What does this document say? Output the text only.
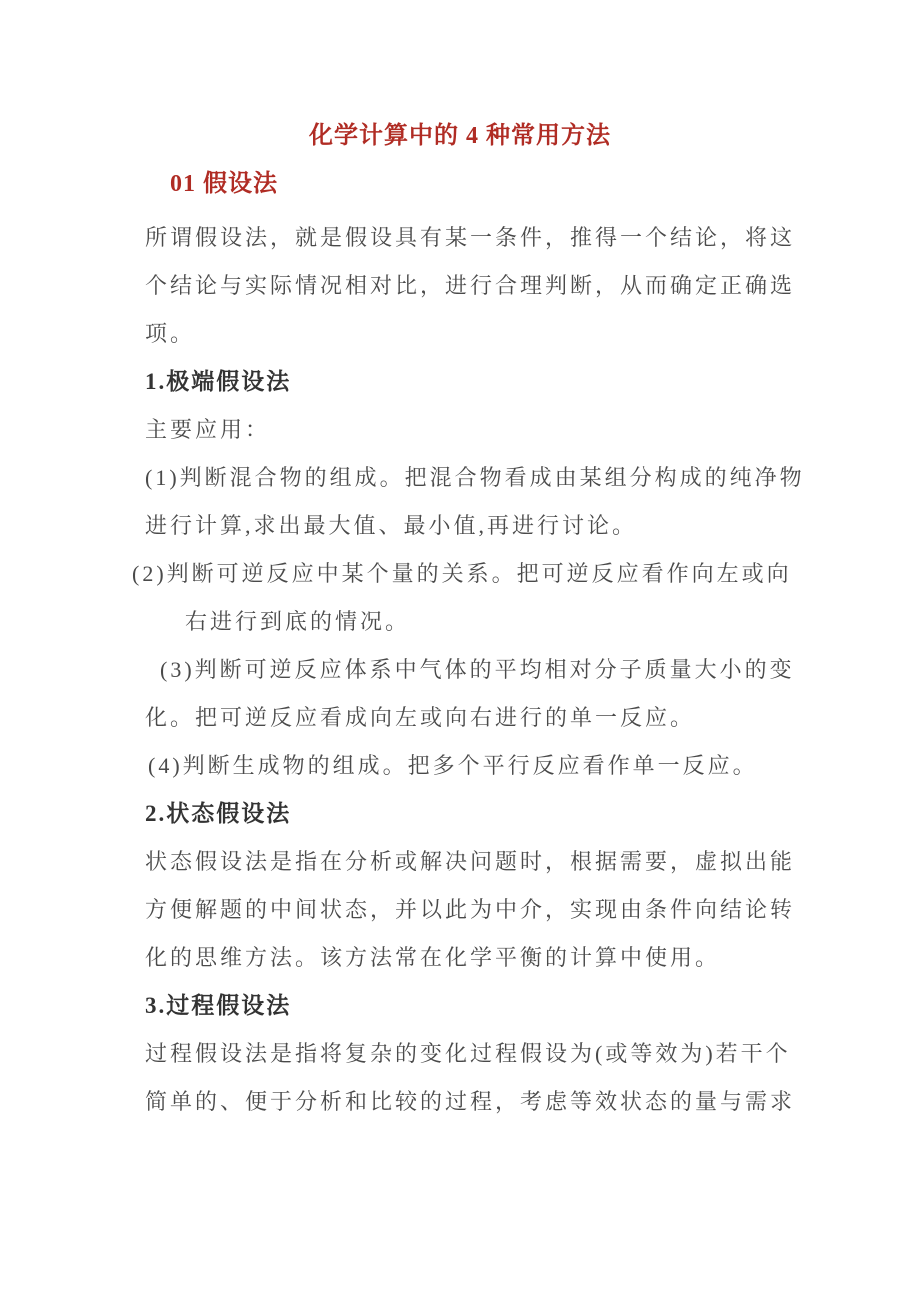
化学计算中的 4 种常用方法
01 假设法
所谓假设法，就是假设具有某一条件，推得一个结论，将这
个结论与实际情况相对比，进行合理判断，从而确定正确选
项。
1.极端假设法
主要应用：
(1)判断混合物的组成。把混合物看成由某组分构成的纯净物
进行计算,求出最大值、最小值,再进行讨论。
(2)判断可逆反应中某个量的关系。把可逆反应看作向左或向
右进行到底的情况。
(3)判断可逆反应体系中气体的平均相对分子质量大小的变
化。把可逆反应看成向左或向右进行的单一反应。
(4)判断生成物的组成。把多个平行反应看作单一反应。
2.状态假设法
状态假设法是指在分析或解决问题时，根据需要，虚拟出能
方便解题的中间状态，并以此为中介，实现由条件向结论转
化的思维方法。该方法常在化学平衡的计算中使用。
3.过程假设法
过程假设法是指将复杂的变化过程假设为(或等效为)若干个
简单的、便于分析和比较的过程，考虑等效状态的量与需求
